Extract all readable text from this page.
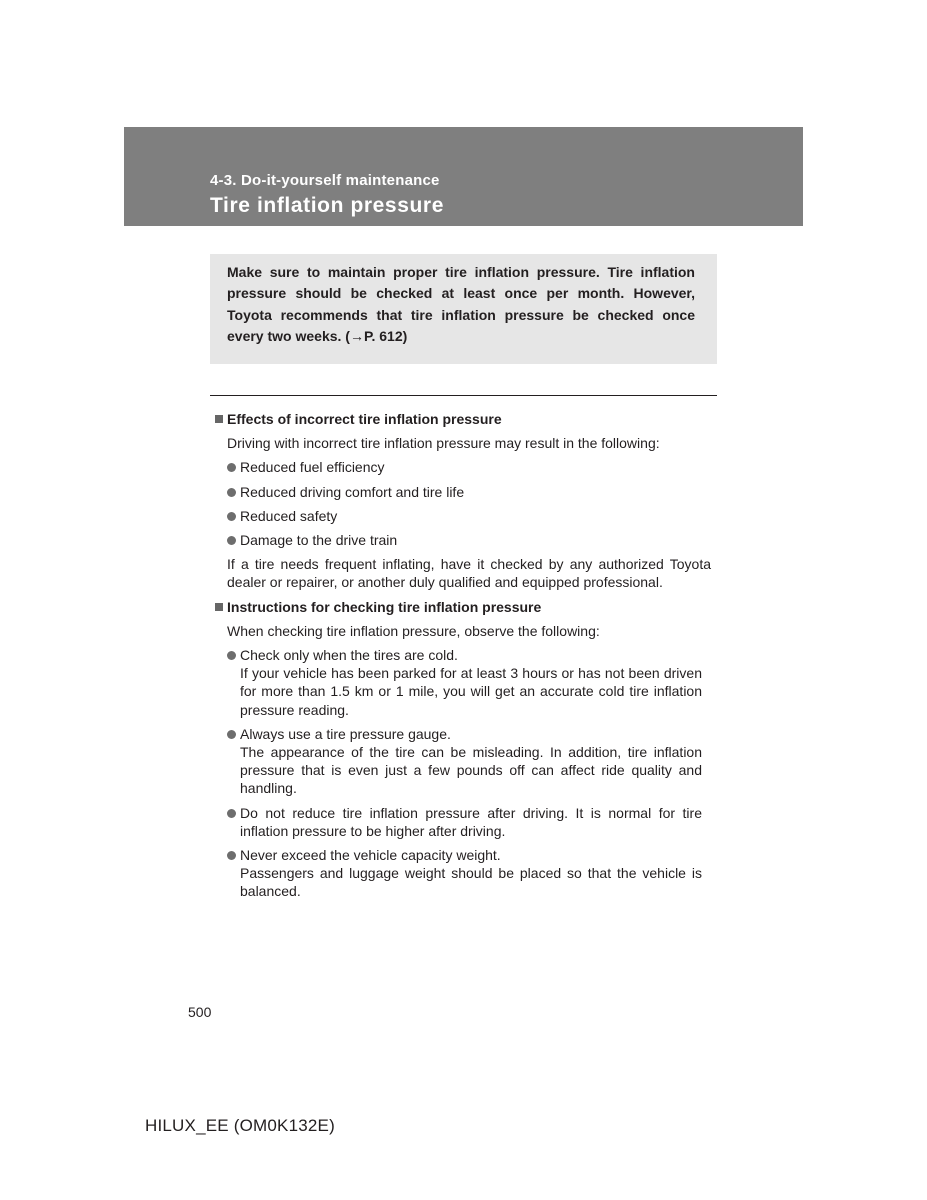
4-3. Do-it-yourself maintenance
Tire inflation pressure

Make sure to maintain proper tire inflation pressure. Tire inflation pressure should be checked at least once per month. However, Toyota recommends that tire inflation pressure be checked once every two weeks. (→P. 612)

Effects of incorrect tire inflation pressure

Driving with incorrect tire inflation pressure may result in the following:

Reduced fuel efficiency
Reduced driving comfort and tire life
Reduced safety
Damage to the drive train

If a tire needs frequent inflating, have it checked by any authorized Toyota dealer or repairer, or another duly qualified and equipped professional.

Instructions for checking tire inflation pressure

When checking tire inflation pressure, observe the following:

Check only when the tires are cold.
If your vehicle has been parked for at least 3 hours or has not been driven for more than 1.5 km or 1 mile, you will get an accurate cold tire inflation pressure reading.
Always use a tire pressure gauge.
The appearance of the tire can be misleading. In addition, tire inflation pressure that is even just a few pounds off can affect ride quality and handling.
Do not reduce tire inflation pressure after driving. It is normal for tire inflation pressure to be higher after driving.
Never exceed the vehicle capacity weight.
Passengers and luggage weight should be placed so that the vehicle is balanced.
500
HILUX_EE (OM0K132E)
